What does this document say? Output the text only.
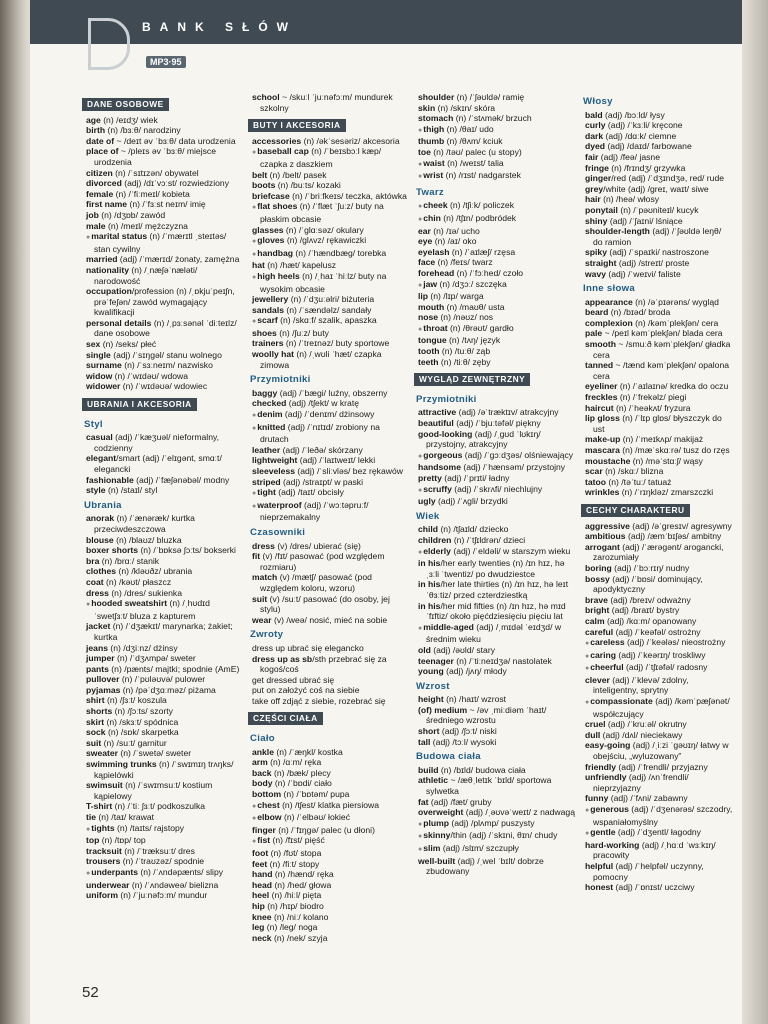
BANK SŁÓW
MP3·95
DANE OSOBOWE
age (n) /eɪdʒ/ wiek
birth (n) /bɜːθ/ narodziny
date of ~ /deɪt əv ˈbɜːθ/ data urodzenia
place of ~ /pleɪs əv ˈbɜːθ/ miejsce urodzenia
citizen (n) /ˈsɪtɪzən/ obywatel
divorced (adj) /dɪˈvɔːst/ rozwiedziony
female (n) /ˈfiːmeɪl/ kobieta
first name (n) /ˈfɜːst neɪm/ imię
job (n) /dʒɒb/ zawód
male (n) /meɪl/ mężczyzna
● marital status (n) /ˈmærɪtl ˌsteɪtəs/ stan cywilny
married (adj) /ˈmærɪd/ żonaty, zamężna
nationality (n) /ˌnæʃəˈnæləti/ narodowość
occupation/profession (n) /ˌɒkjuˈpeɪʃn, prəˈfeʃən/ zawód wymagający kwalifikacji
personal details (n) /ˌpɜːsənəl ˈdiːteɪlz/ dane osobowe
sex (n) /seks/ płeć
single (adj) /ˈsɪŋɡəl/ stanu wolnego
surname (n) /ˈsɜːneɪm/ nazwisko
widow (n) /ˈwɪdəʊ/ wdowa
widower (n) /ˈwɪdəʊə/ wdowiec
UBRANIA I AKCESORIA
Styl
casual (adj) /ˈkæʒuəl/ nieformalny, codzienny
elegant/smart (adj) /ˈelɪɡənt, smɑːt/ elegancki
fashionable (adj) /ˈfæʃənəbəl/ modny
style (n) /staɪl/ styl
Ubrania
anorak (n) /ˈænəræk/ kurtka przeciwdeszczowa
blouse (n) /blaʊz/ bluzka
boxer shorts (n) /ˈbɒksə ʃɔːts/ bokserki
bra (n) /brɑː/ stanik
clothes (n) /kləʊðz/ ubrania
coat (n) /kəʊt/ płaszcz
dress (n) /dres/ sukienka
● hooded sweatshirt (n) /ˌhʊdɪd ˈswetʃɜːt/ bluza z kapturem
jacket (n) /ˈdʒækɪt/ marynarka; żakiet; kurtka
jeans (n) /dʒiːnz/ dżinsy
jumper (n) /ˈdʒʌmpə/ sweter
pants (n) /pænts/ majtki; spodnie (AmE)
pullover (n) /ˈpʊləʊvə/ pulower
pyjamas (n) /pəˈdʒɑːməz/ piżama
shirt (n) /ʃɜːt/ koszula
shorts (n) /ʃɔːts/ szorty
skirt (n) /skɜːt/ spódnica
sock (n) /sɒk/ skarpetka
suit (n) /suːt/ garnitur
sweater (n) /ˈswetə/ sweter
swimming trunks (n) /ˈswɪmɪŋ trʌŋks/ kąpielówki
swimsuit (n) /ˈswɪmsuːt/ kostium kąpielowy
T-shirt (n) /ˈtiː ʃɜːt/ podkoszulka
tie (n) /taɪ/ krawat
● tights (n) /taɪts/ rajstopy
top (n) /tɒp/ top
tracksuit (n) /ˈtræksuːt/ dres
trousers (n) /ˈtraʊzəz/ spodnie
● underpants (n) /ˈʌndəpænts/ slipy
underwear (n) /ˈʌndəweə/ bielizna
uniform (n) /ˈjuːnəfɔːm/ mundur
school ~ /skuːl ˈjuːnəfɔːm/ mundurek szkolny
BUTY I AKCESORIA
accessories (n) /əkˈsesəriz/ akcesoria
● baseball cap (n) /ˈbeɪsbɔːl kæp/ czapka z daszkiem
belt (n) /belt/ pasek
boots (n) /buːts/ kozaki
briefcase (n) /ˈbriːfkeɪs/ teczka, aktówka
● flat shoes (n) /ˈflæt ˈʃuːz/ buty na płaskim obcasie
glasses (n) /ˈɡlɑːsəz/ okulary
● gloves (n) /ɡlʌvz/ rękawiczki
● handbag (n) /ˈhændbæɡ/ torebka
hat (n) /hæt/ kapelusz
● high heels (n) /ˌhaɪ ˈhiːlz/ buty na wysokim obcasie
jewellery (n) /ˈdʒuːəlri/ biżuteria
sandals (n) /ˈsændəlz/ sandały
● scarf (n) /skɑːf/ szalik, apaszka
shoes (n) /ʃuːz/ buty
trainers (n) /ˈtreɪnəz/ buty sportowe
woolly hat (n) /ˌwʊli ˈhæt/ czapka zimowa
Przymiotniki
baggy (adj) /ˈbæɡi/ luźny, obszerny
checked (adj) /tʃekt/ w kratę
● denim (adj) /ˈdenɪm/ dżinsowy
● knitted (adj) /ˈnɪtɪd/ zrobiony na drutach
leather (adj) /ˈleðə/ skórzany
lightweight (adj) /ˈlaɪtweɪt/ lekki
sleeveless (adj) /ˈsliːvləs/ bez rękawów
striped (adj) /straɪpt/ w paski
● tight (adj) /taɪt/ obcisły
● waterproof (adj) /ˈwɔːtəpruːf/ nieprzemakalny
Czasowniki
dress (v) /dres/ ubierać (się)
fit (v) /fɪt/ pasować (pod względem rozmiaru)
match (v) /mætʃ/ pasować (pod względem koloru, wzoru)
suit (v) /suːt/ pasować (do osoby, jej stylu)
wear (v) /weə/ nosić, mieć na sobie
Zwroty
dress up ubrać się elegancko
dress up as sb/sth przebrać się za kogoś/coś
get dressed ubrać się
put on założyć coś na siebie
take off zdjąć z siebie, rozebrać się
CZĘŚCI CIAŁA
Ciało
ankle (n) /ˈæŋkl/ kostka
arm (n) /ɑːm/ ręka
back (n) /bæk/ plecy
body (n) /ˈbɒdi/ ciało
bottom (n) /ˈbɒtəm/ pupa
● chest (n) /tʃest/ klatka piersiowa
● elbow (n) /ˈelbəʊ/ łokieć
finger (n) /ˈfɪŋɡə/ palec (u dłoni)
● fist (n) /fɪst/ pięść
foot (n) /fʊt/ stopa
feet (n) /fiːt/ stopy
hand (n) /hænd/ ręka
head (n) /hed/ głowa
heel (n) /hiːl/ pięta
hip (n) /hɪp/ biodro
knee (n) /niː/ kolano
leg (n) /leɡ/ noga
neck (n) /nek/ szyja
shoulder (n) /ˈʃəʊldə/ ramię
skin (n) /skɪn/ skóra
stomach (n) /ˈstʌmək/ brzuch
● thigh (n) /θaɪ/ udo
thumb (n) /θʌm/ kciuk
toe (n) /təʊ/ palec (u stopy)
● waist (n) /weɪst/ talia
● wrist (n) /rɪst/ nadgarstek
Twarz
● cheek (n) /tʃiːk/ policzek
● chin (n) /tʃɪn/ podbródek
ear (n) /ɪə/ ucho
eye (n) /aɪ/ oko
eyelash (n) /ˈaɪlæʃ/ rzęsa
face (n) /feɪs/ twarz
forehead (n) /ˈfɔːhed/ czoło
● jaw (n) /dʒɔː/ szczęka
lip (n) /lɪp/ warga
mouth (n) /maʊθ/ usta
nose (n) /nəʊz/ nos
● throat (n) /θrəʊt/ gardło
tongue (n) /tʌŋ/ język
tooth (n) /tuːθ/ ząb
teeth (n) /tiːθ/ zęby
WYGLĄD ZEWNĘTRZNY
Przymiotniki
attractive (adj) /əˈtræktɪv/ atrakcyjny
beautiful (adj) /ˈbjuːtəfəl/ piękny
good-looking (adj) /ˌɡʊd ˈlʊkɪŋ/ przystojny, atrakcyjny
● gorgeous (adj) /ˈɡɔːdʒəs/ olśniewający
handsome (adj) /ˈhænsəm/ przystojny
pretty (adj) /ˈprɪti/ ładny
● scruffy (adj) /ˈskrʌfi/ niechlujny
ugly (adj) /ˈʌɡli/ brzydki
Wiek
child (n) /tʃaɪld/ dziecko
children (n) /ˈtʃɪldrən/ dzieci
● elderly (adj) /ˈeldəli/ w starszym wieku
in his/her early twenties (n) /ɪn hɪz, hə ˌɜːli ˈtwentiz/ po dwudziestce
in his/her late thirties (n) /ɪn hɪz, hə leɪt ˈθɜːtiz/ przed czterdziestką
in his/her mid fifties (n) /ɪn hɪz, hə mɪd ˈfɪftiz/ około pięćdziesięciu pięciu lat
● middle-aged (adj) /ˌmɪdəl ˈeɪdʒd/ w średnim wieku
old (adj) /əʊld/ stary
teenager (n) /ˈtiːneɪdʒə/ nastolatek
young (adj) /jʌŋ/ młody
Wzrost
height (n) /haɪt/ wzrost
(of) medium ~ /əv ˌmiːdiəm ˈhaɪt/ średniego wzrostu
short (adj) /ʃɔːt/ niski
tall (adj) /tɔːl/ wysoki
Budowa ciała
build (n) /bɪld/ budowa ciała
athletic ~ /æθˌletɪk ˈbɪld/ sportowa sylwetka
fat (adj) /fæt/ gruby
overweight (adj) /ˌəʊvəˈweɪt/ z nadwagą
● plump (adj) /plʌmp/ puszysty
● skinny/thin (adj) /ˈskɪni, θɪn/ chudy
● slim (adj) /slɪm/ szczupły
well-built (adj) /ˌwel ˈbɪlt/ dobrze zbudowany
Włosy
bald (adj) /bɔːld/ łysy
curly (adj) /ˈkɜːli/ kręcone
dark (adj) /dɑːk/ ciemne
dyed (adj) /daɪd/ farbowane
fair (adj) /feə/ jasne
fringe (n) /frɪndʒ/ grzywka
ginger/red (adj) /ˈdʒɪndʒə, red/ rude
grey/white (adj) /ɡreɪ, waɪt/ siwe
hair (n) /heə/ włosy
ponytail (n) /ˈpəʊniteɪl/ kucyk
shiny (adj) /ˈʃaɪni/ lśniące
shoulder-length (adj) /ˈʃəʊldə leŋθ/ do ramion
spiky (adj) /ˈspaɪki/ nastroszone
straight (adj) /streɪt/ proste
wavy (adj) /ˈweɪvi/ faliste
Inne słowa
appearance (n) /əˈpɪərəns/ wygląd
beard (n) /bɪəd/ broda
complexion (n) /kəmˈplekʃən/ cera
pale ~ /peɪl kəmˈplekʃən/ blada cera
smooth ~ /smuːð kəmˈplekʃən/ gładka cera
tanned ~ /tænd kəmˈplekʃən/ opalona cera
eyeliner (n) /ˈaɪlaɪnə/ kredka do oczu
freckles (n) /ˈfrekəlz/ piegi
haircut (n) /ˈheəkʌt/ fryzura
lip gloss (n) /ˈlɪp ɡlɒs/ błyszczyk do ust
make-up (n) /ˈmeɪkʌp/ makijaż
mascara (n) /mæˈskɑːrə/ tusz do rzęs
moustache (n) /məˈstɑːʃ/ wąsy
scar (n) /skɑː/ blizna
tatoo (n) /təˈtuː/ tatuaż
wrinkles (n) /ˈrɪŋkləz/ zmarszczki
CECHY CHARAKTERU
aggressive (adj) /əˈɡresɪv/ agresywny
ambitious (adj) /æmˈbɪʃəs/ ambitny
arrogant (adj) /ˈærəɡənt/ arogancki, zarozumiały
boring (adj) /ˈbɔːrɪŋ/ nudny
bossy (adj) /ˈbɒsi/ dominujący, apodyktyczny
brave (adj) /breɪv/ odważny
bright (adj) /braɪt/ bystry
calm (adj) /kɑːm/ opanowany
careful (adj) /ˈkeəfəl/ ostrożny
● careless (adj) /ˈkeələs/ nieostrożny
● caring (adj) /ˈkeərɪŋ/ troskliwy
● cheerful (adj) /ˈtʃɪəfəl/ radosny
clever (adj) /ˈklevə/ zdolny, inteligentny, sprytny
● compassionate (adj) /kəmˈpæʃənət/ współczujący
cruel (adj) /ˈkruːəl/ okrutny
dull (adj) /dʌl/ nieciekawy
easy-going (adj) /ˌiːzi ˈɡəʊɪŋ/ łatwy w obejściu, „wyluzowany”
friendly (adj) /ˈfrendli/ przyjazny
unfriendly (adj) /ʌnˈfrendli/ nieprzyjazny
funny (adj) /ˈfʌni/ zabawny
● generous (adj) /ˈdʒenərəs/ szczodry, wspaniałomyślny
● gentle (adj) /ˈdʒentl/ łagodny
hard-working (adj) /ˌhɑːd ˈwɜːkɪŋ/ pracowity
helpful (adj) /ˈhelpfəl/ uczynny, pomocny
honest (adj) /ˈɒnɪst/ uczciwy
52
